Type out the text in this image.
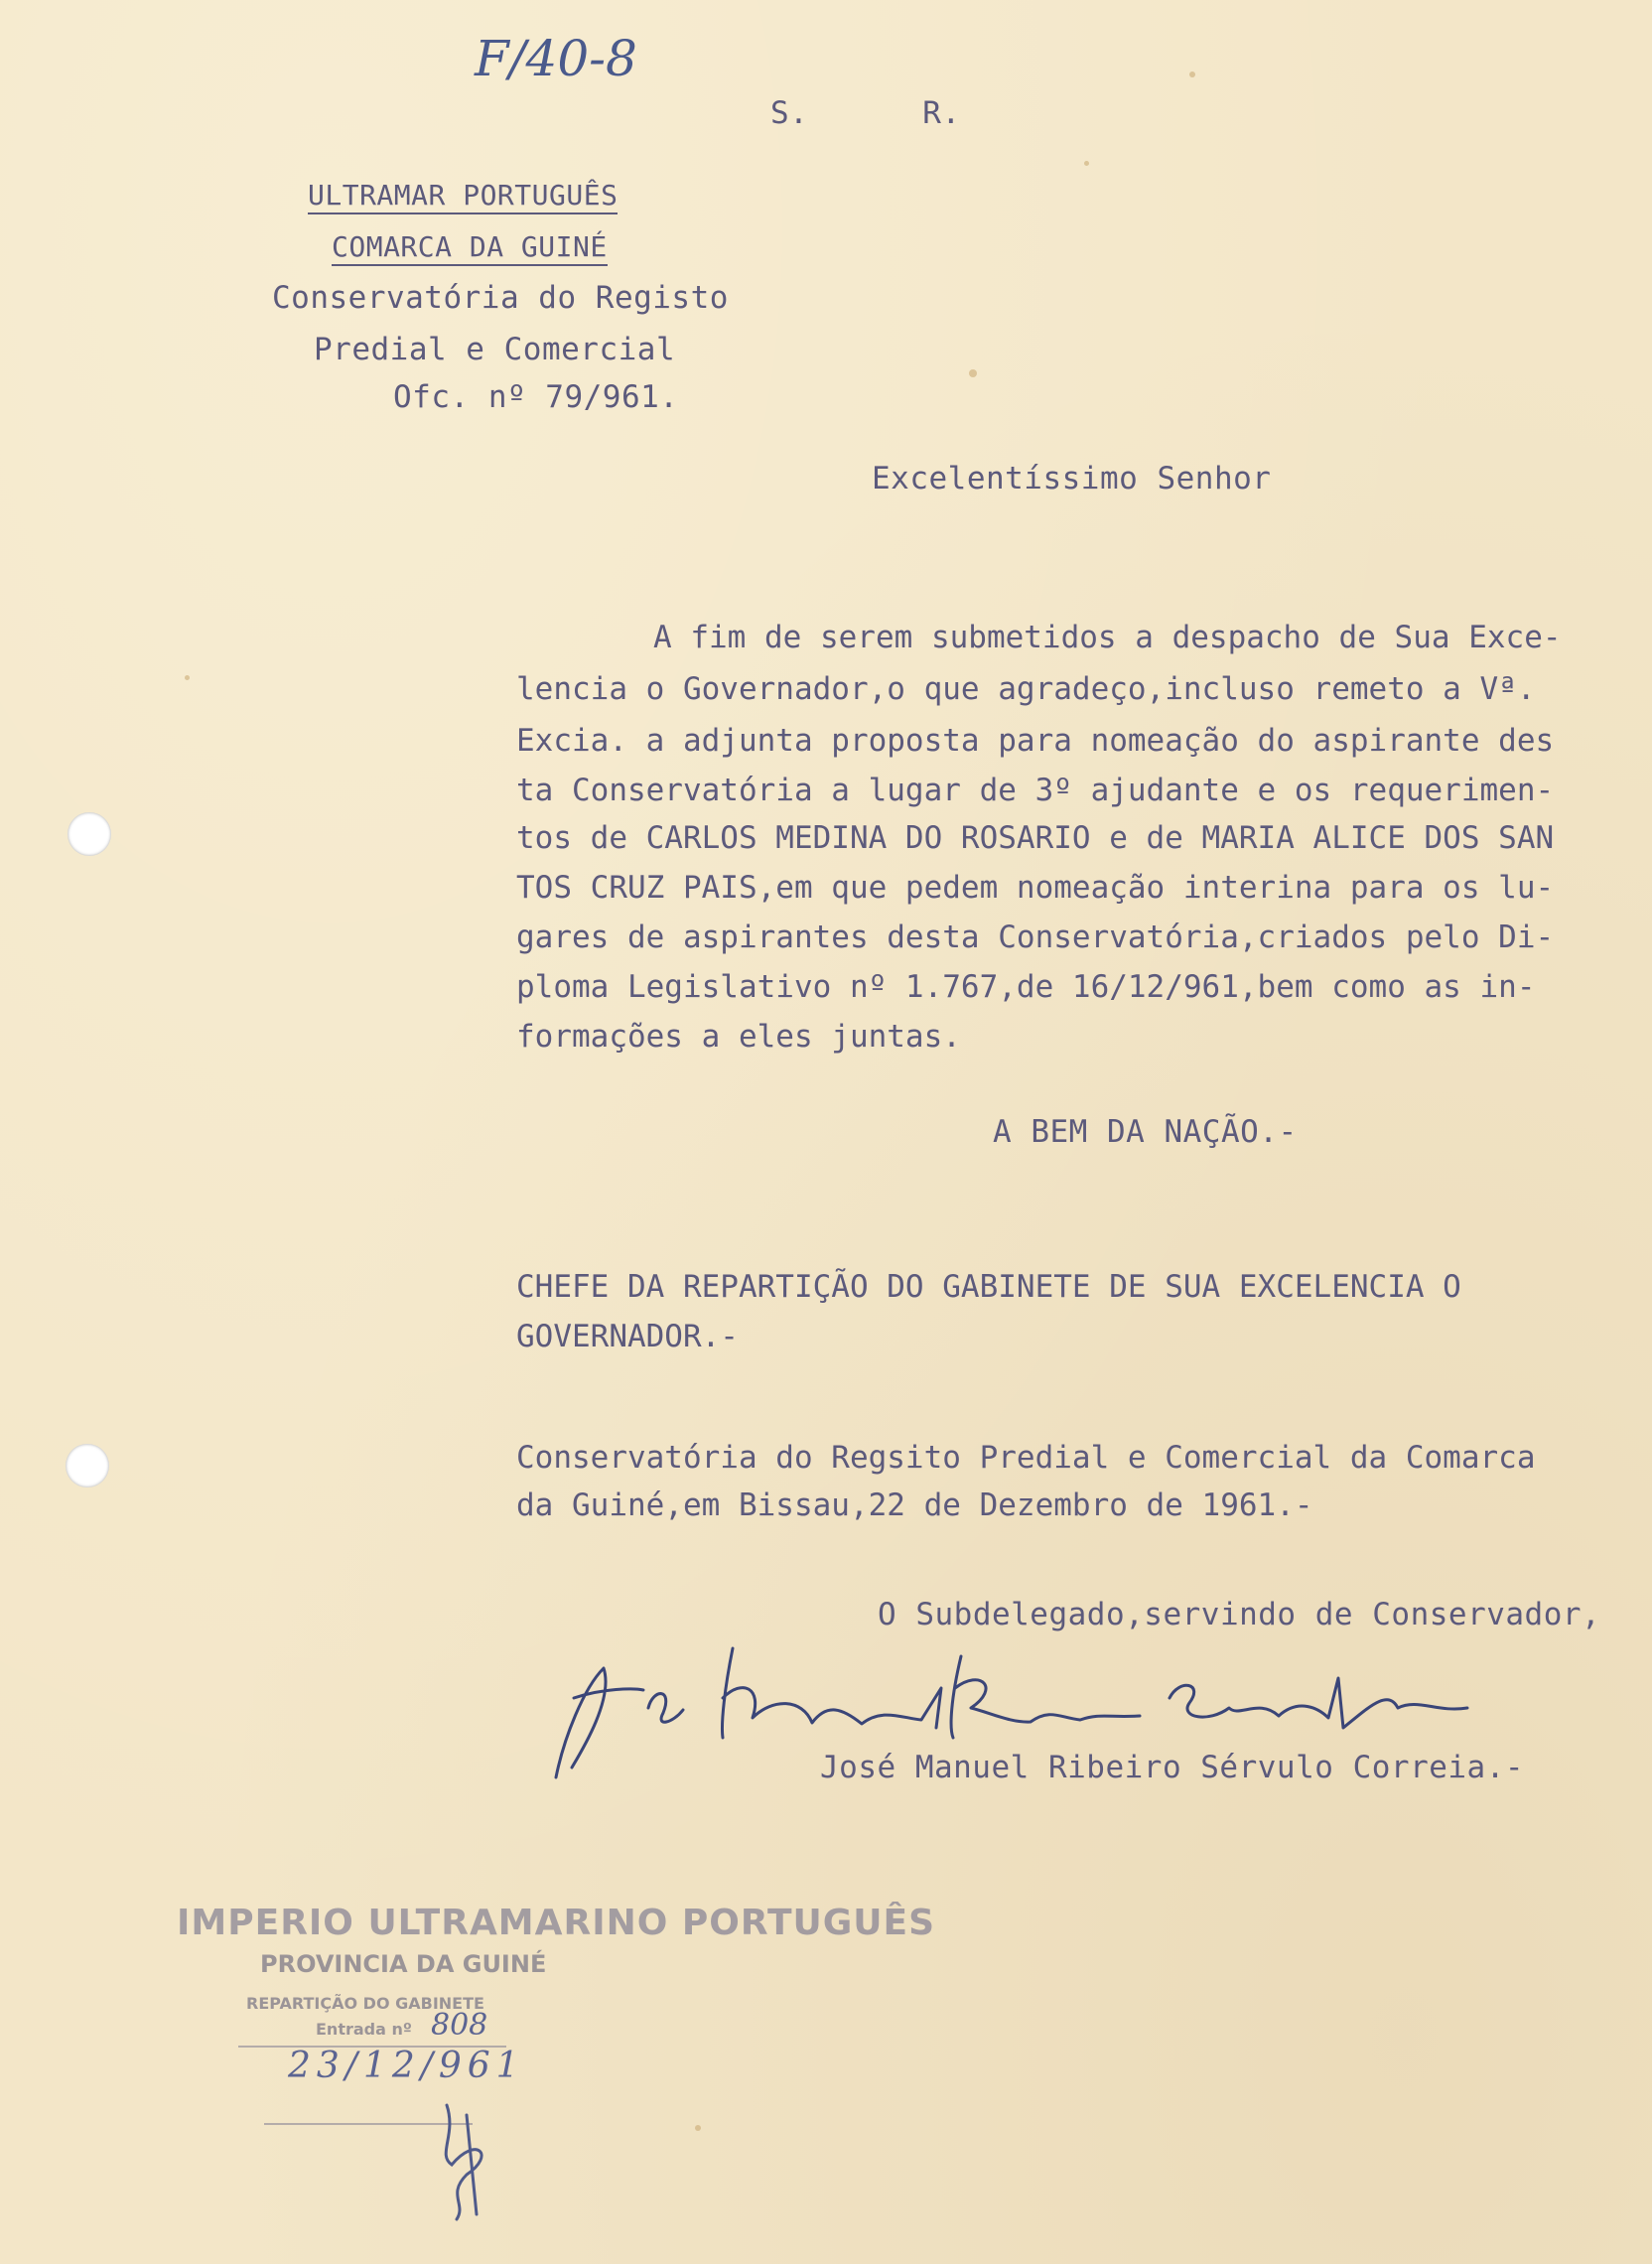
F/40-8
S.      R.
ULTRAMAR PORTUGUÊS
COMARCA DA GUINÉ
Conservatória do Registo
Predial e Comercial
Ofc. nº 79/961.
Excelentíssimo Senhor
A fim de serem submetidos a despacho de Sua Exce-
lencia o Governador,o que agradeço,incluso remeto a Vª.
Excia. a adjunta proposta para nomeação do aspirante des
ta Conservatória a lugar de 3º ajudante e os requerimen-
tos de CARLOS MEDINA DO ROSARIO e de MARIA ALICE DOS SAN
TOS CRUZ PAIS,em que pedem nomeação interina para os lu-
gares de aspirantes desta Conservatória,criados pelo Di-
ploma Legislativo nº 1.767,de 16/12/961,bem como as in-
formações a eles juntas.
A BEM DA NAÇÃO.-
CHEFE DA REPARTIÇÃO DO GABINETE DE SUA EXCELENCIA O
GOVERNADOR.-
Conservatória do Regsito Predial e Comercial da Comarca
da Guiné,em Bissau,22 de Dezembro de 1961.-
O Subdelegado,servindo de Conservador,
José Manuel Ribeiro Sérvulo Correia.-
IMPERIO ULTRAMARINO PORTUGUÊS
PROVINCIA DA GUINÉ
REPARTIÇÃO DO GABINETE
Entrada nº 808
23/12/961
